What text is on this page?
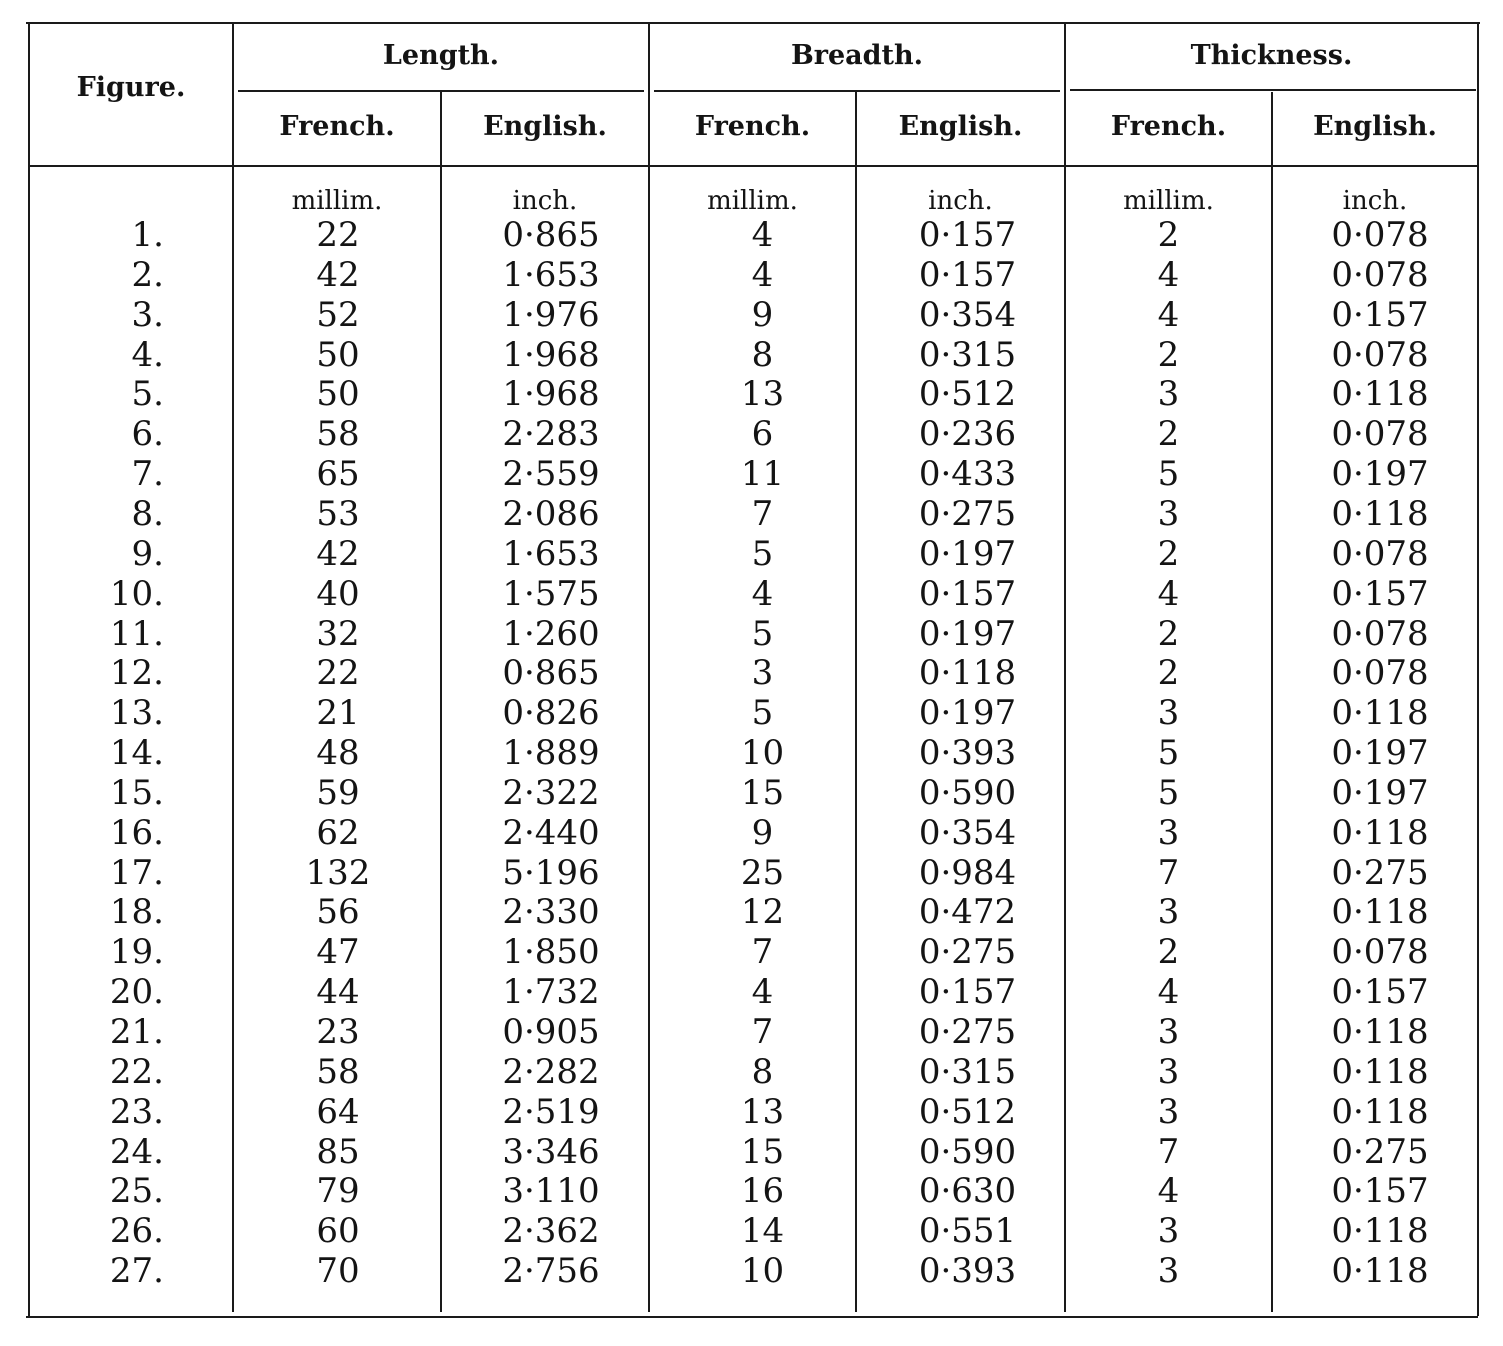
Figure.
Length.	Breadth.	Thickness.
French.	English.	French.	English.	French.	English.
millim.	inch.	millim.	inch.	millim.	inch.
1.	22	0·865	4	0·157	2	0·078
2.	42	1·653	4	0·157	4	0·078
3.	52	1·976	9	0·354	4	0·157
4.	50	1·968	8	0·315	2	0·078
5.	50	1·968	13	0·512	3	0·118
6.	58	2·283	6	0·236	2	0·078
7.	65	2·559	11	0·433	5	0·197
8.	53	2·086	7	0·275	3	0·118
9.	42	1·653	5	0·197	2	0·078
10.	40	1·575	4	0·157	4	0·157
11.	32	1·260	5	0·197	2	0·078
12.	22	0·865	3	0·118	2	0·078
13.	21	0·826	5	0·197	3	0·118
14.	48	1·889	10	0·393	5	0·197
15.	59	2·322	15	0·590	5	0·197
16.	62	2·440	9	0·354	3	0·118
17.	132	5·196	25	0·984	7	0·275
18.	56	2·330	12	0·472	3	0·118
19.	47	1·850	7	0·275	2	0·078
20.	44	1·732	4	0·157	4	0·157
21.	23	0·905	7	0·275	3	0·118
22.	58	2·282	8	0·315	3	0·118
23.	64	2·519	13	0·512	3	0·118
24.	85	3·346	15	0·590	7	0·275
25.	79	3·110	16	0·630	4	0·157
26.	60	2·362	14	0·551	3	0·118
27.	70	2·756	10	0·393	3	0·118
